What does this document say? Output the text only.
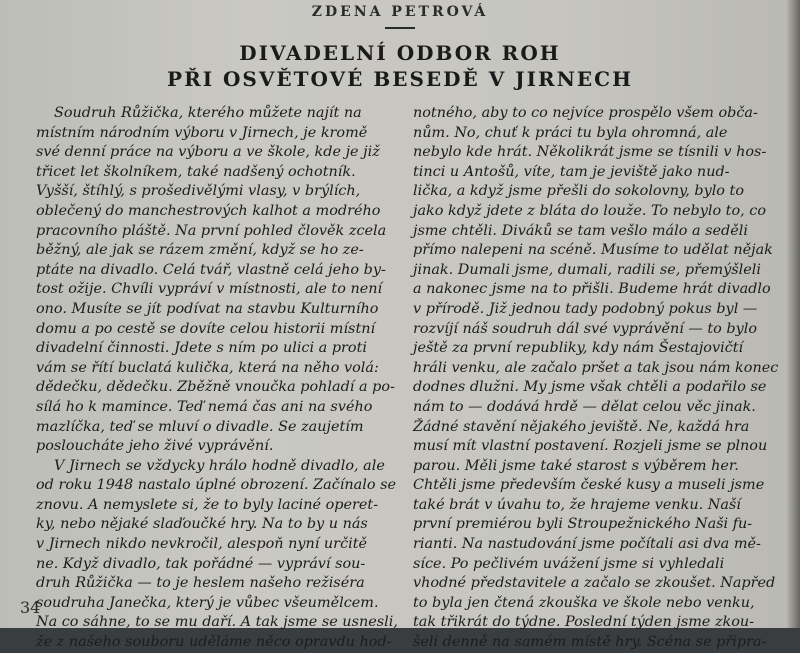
ZDENA PETROVÁ
DIVADELNÍ ODBOR ROH
PŘI OSVĚTOVÉ BESEDĚ V JIRNECH
Soudruh Růžička, kterého můžete najít na
místním národním výboru v Jirnech, je kromě
své denní práce na výboru a ve škole, kde je již
třicet let školníkem, také nadšený ochotník.
Vyšší, štíhlý, s prošedivělými vlasy, v brýlích,
oblečený do manchestrových kalhot a modrého
pracovního pláště. Na první pohled člověk zcela
běžný, ale jak se rázem změní, když se ho ze-
ptáte na divadlo. Celá tvář, vlastně celá jeho by-
tost ožije. Chvíli vypráví v místnosti, ale to není
ono. Musíte se jít podívat na stavbu Kulturního
domu a po cestě se dovíte celou historii místní
divadelní činnosti. Jdete s ním po ulici a proti
vám se řítí buclatá kulička, která na něho volá:
dědečku, dědečku. Zběžně vnoučka pohladí a po-
sílá ho k mamince. Teď nemá čas ani na svého
mazlíčka, teď se mluví o divadle. Se zaujetím
posloucháte jeho živé vyprávění.
V Jirnech se vždycky hrálo hodně divadlo, ale
od roku 1948 nastalo úplné obrození. Začínalo se
znovu. A nemyslete si, že to byly laciné operet-
ky, nebo nějaké slaďoučké hry. Na to by u nás
v Jirnech nikdo nevkročil, alespoň nyní určitě
ne. Když divadlo, tak pořádné — vypráví sou-
druh Růžička — to je heslem našeho režiséra
soudruha Janečka, který je vůbec všeumělcem.
Na co sáhne, to se mu daří. A tak jsme se usnesli,
že z našeho souboru uděláme něco opravdu hod-
notného, aby to co nejvíce prospělo všem obča-
nům. No, chuť k práci tu byla ohromná, ale
nebylo kde hrát. Několikrát jsme se tísnili v hos-
tinci u Antošů, víte, tam je jeviště jako nud-
lička, a když jsme přešli do sokolovny, bylo to
jako když jdete z bláta do louže. To nebylo to, co
jsme chtěli. Diváků se tam vešlo málo a seděli
přímo nalepeni na scéně. Musíme to udělat nějak
jinak. Dumali jsme, dumali, radili se, přemýšleli
a nakonec jsme na to přišli. Budeme hrát divadlo
v přírodě. Již jednou tady podobný pokus byl —
rozvíjí náš soudruh dál své vyprávění — to bylo
ještě za první republiky, kdy nám Šestajovičtí
hráli venku, ale začalo pršet a tak jsou nám konec
dodnes dlužni. My jsme však chtěli a podařilo se
nám to — dodává hrdě — dělat celou věc jinak.
Žádné stavění nějakého jeviště. Ne, každá hra
musí mít vlastní postavení. Rozjeli jsme se plnou
parou. Měli jsme také starost s výběrem her.
Chtěli jsme především české kusy a museli jsme
také brát v úvahu to, že hrajeme venku. Naší
první premiérou byli Stroupežnického Naši fu-
rianti. Na nastudování jsme počítali asi dva mě-
síce. Po pečlivém uvážení jsme si vyhledali
vhodné představitele a začalo se zkoušet. Napřed
to byla jen čtená zkouška ve škole nebo venku,
tak třikrát do týdne. Poslední týden jsme zkou-
šeli denně na samém místě hry. Scéna se připra-
34
